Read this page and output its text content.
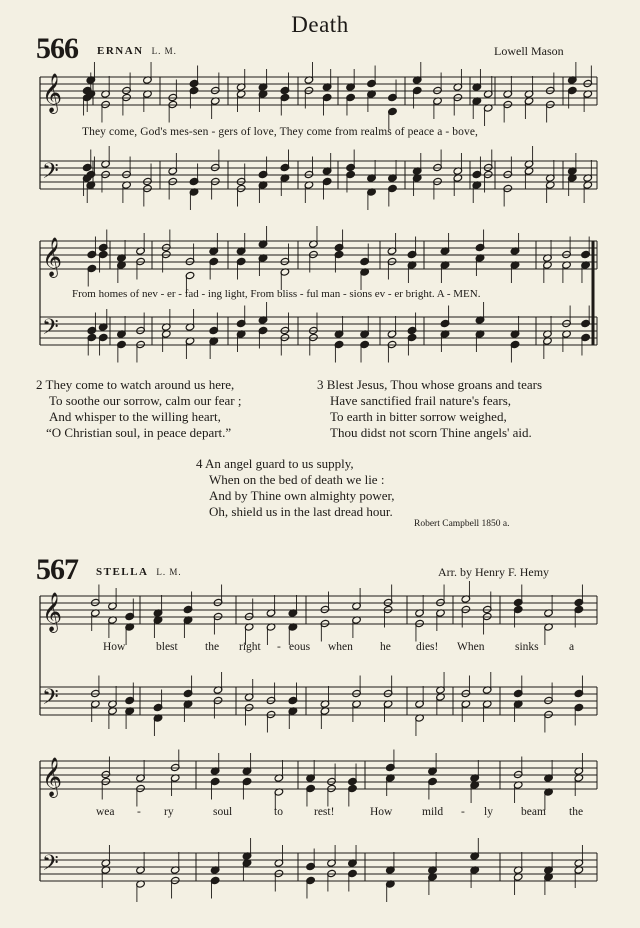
Death
566 ERNAN L. M.	Lowell Mason
𝄞
𝄢
𝄞
𝄢
𝄞
𝄢
𝄞
𝄢
They come, God's mes-sen - gers of love, They come from realms of peace a - bove,
From homes of nev - er - fad - ing light, From bliss - ful man - sions ev - er bright. A - MEN.
2 They come to watch around us here,
To soothe our sorrow, calm our fear ;
And whisper to the willing heart,
“O Christian soul, in peace depart.”
3 Blest Jesus, Thou whose groans and tears
Have sanctified frail nature's fears,
To earth in bitter sorrow weighed,
Thou didst not scorn Thine angels' aid.
4 An angel guard to us supply,
When on the bed of death we lie :
And by Thine own almighty power,
Oh, shield us in the last dread hour.
Robert Campbell 1850 a.
567 STELLA L. M.	Arr. by Henry F. Hemy
How	blest the right - eous when he dies! When	sinks	a
wea - ry	soul	to	rest!	How	mild - ly beam the
